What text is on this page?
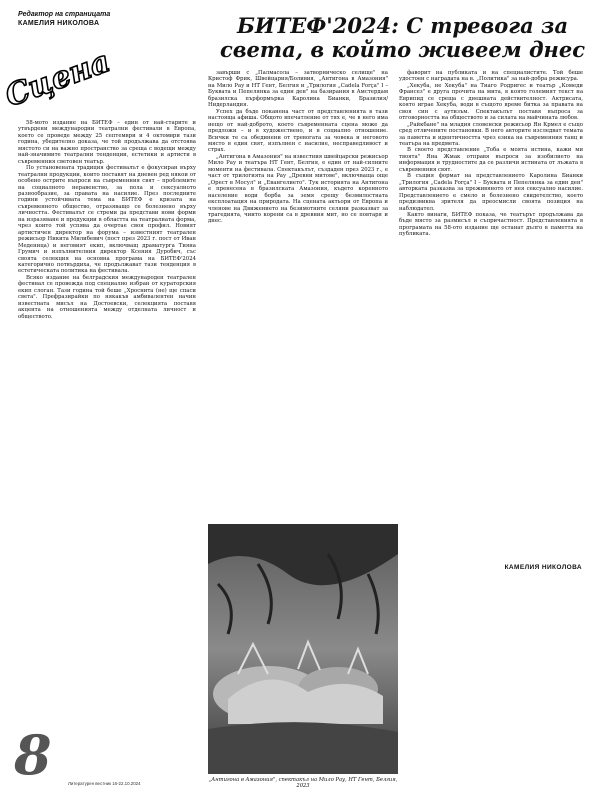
Редактор на страницата
КАМЕЛИЯ НИКОЛОВА
Сцена
БИТЕФ'2024: С тревога за света, в който живеем днес

58-мото издание на БИТЕФ – един от най-старите и утвърдени международни театрални фестивали в Европа, което се проведе между 25 септември и 4 октомври тази година, убедително доказа, че той продължава да отстоява мястото си на важно пространство за среща с водещи между най-значимите театрални тенденции, естетики и артисти в съвременния световен театър.

По установената традиция фестивалът е фокусиран върху театрални продукции, които поставят на дневен ред някои от особено острите въпроси на съвременния свят – проблемите на социалното неравенство, за пола и сексуалното разнообразие, за правата на насилие. През последните години устойчивата тема на БИТЕФ е кризата на съвременното общество, отразяващо се болезнено върху личността. Фестивалът се стреми да представи нови форми на изразяване и продукции в областта на театралната форма, чрез които той успява да очертае своя профил. Новият артистичен директор на форума – известният театрален режисьор Никита Милибевич (пост през 2023 г. пост от Иван Меденица) и неговият екип, включващ драматурга Тияна Грумич и изпълнителния директор Ксения Дуробич, със своята селекция на основна програма на БИТЕФ'2024 категорично потвърдиха, че продължават тази тенденция в естетическата политика на фестивала.

Всяко издание на белградския международен театрален фестивал се провежда под специално избран от кураторския екип слоган. Тази година той беше „Хроснита (не) ще спаси света". Префразирайки по някакъв амбивалентен начин известната мисъл на Достоевски, селекцията поставя акцента на отношенията между отделната личност и обществото.

завърши с „Палмасола – затворническо селище" на Кристоф Фрик, Швейцария/Боливия, „Антигона в Амазония" на Мило Рау и НТ Гент, Белгия и „Трилогия „Cadela Força" I – Буквата и Пепелянка за един ден" на базирания в Амстердам бразилска пърформърка Каролина Бианки, Бразилия/Нидерландия.

Успех да бъде поканена част от представленията в тази настояща афиша. Общото впечатление от тях е, че в него има нещо от най-доброто, което съвременната сцена може да предложи – и в художествено, и в социално отношение. Всички те са обединени от тревогата за човека и неговото място в един свят, изпълнен с насилие, несправедливост и страх.

„Антигона в Амазония" на известния швейцарски режисьор Мило Рау и театъра НТ Гент, Белгия, е един от най-силните моменти на фестивала. Спектакълът, създаден през 2023 г., е част от трилогията на Рау „Древни митове", включваща още „Орест в Мосул" и „Евангелието". Тук историята на Антигона е пренесена в бразилската Амазония, където коренното население води борба за земя срещу безмилостната експлоатация на природата. На сцената актьори от Европа и членове на Движението на безимотните селяни разказват за трагедията, чиито корени са в древния мит, но се повтаря и днес.

фаворит на публиката и на специалистите. Той беше удостоен с наградата на в. „Политика" за най-добра режисура.

„Хекуба, не Хекуба" на Тиаго Родригес и театър „Комеди Франсез" е друга прочита на мита, в която големият текст на Еврипид се среща с днешната действителност. Актрисата, която играе Хекуба, води в същото време битка за правата на своя син с аутизъм. Спектакълът поставя въпроса за отговорността на обществото и за силата на майчината любов.

„Райкбане" на младия словенски режисьор Ян Крмел е също сред отличените постановки. В него авторите изследват темата за паметта и идентичността чрез езика на съвременния танц и театъра на предмета.

В своето представление „Тоба е моята истина, кажи ми твоята" Яна Жмак отправя въпроси за изобилието на информация и трудностите да се различи истината от лъжата в съвременния свят.

В същия формат на представлението Каролина Бианки „Трилогия „Cadela Força" I – Буквата и Пепелянка за един ден" авторката разказва за преживяното от нея сексуално насилие. Представлението е смело и болезнено свидетелство, което предизвиква зрителя да преосмисли своята позиция на наблюдател.

Както винаги, БИТЕФ показа, че театърът продължава да бъде място за размисъл и съпричастност. Представленията в програмата на 58-ото издание ще останат дълго в паметта на публиката.

КАМЕЛИЯ НИКОЛОВА
„Антигона в Амазония", спектакъл на Мило Рау, НТ Гент, Белгия, 2023
8	Литературен вестник 16-22.10.2024
